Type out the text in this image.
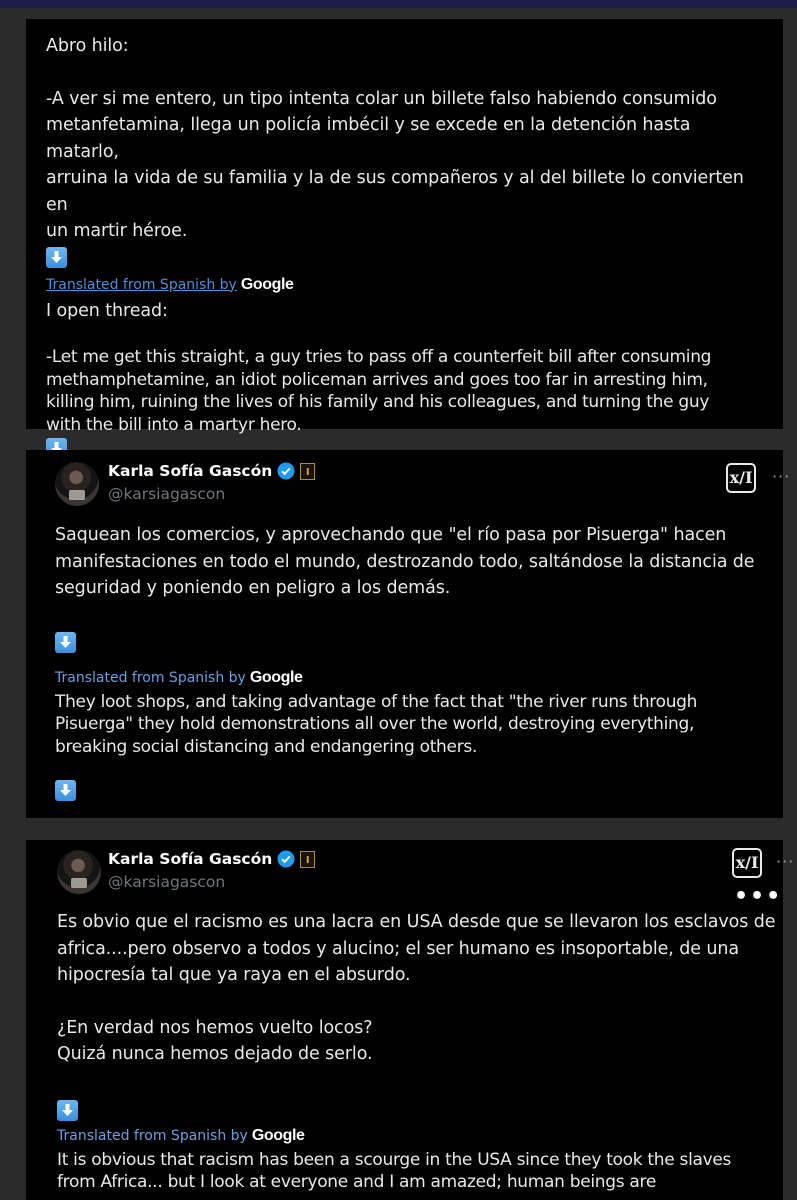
Abro hilo:

-A ver si me entero, un tipo intenta colar un billete falso habiendo consumido

metanfetamina, llega un policía imbécil y se excede en la detención hasta matarlo,

arruina la vida de su familia y la de sus compañeros y al del billete lo convierten en

un martir héroe.

Translated from Spanish by Google

I open thread:

-Let me get this straight, a guy tries to pass off a counterfeit bill after consuming

methamphetamine, an idiot policeman arrives and goes too far in arresting him,

killing him, ruining the lives of his family and his colleagues, and turning the guy

with the bill into a martyr hero.

Karla Sofía Gascón	I
@karsiagascon
x/I ···

Saquean los comercios, y aprovechando que "el río pasa por Pisuerga" hacen

manifestaciones en todo el mundo, destrozando todo, saltándose la distancia de

seguridad y poniendo en peligro a los demás.

Translated from Spanish by Google

They loot shops, and taking advantage of the fact that "the river runs through

Pisuerga" they hold demonstrations all over the world, destroying everything,

breaking social distancing and endangering others.

Karla Sofía Gascón	I
@karsiagascon
x/I ···
•••

Es obvio que el racismo es una lacra en USA desde que se llevaron los esclavos de

africa....pero observo a todos y alucino; el ser humano es insoportable, de una

hipocresía tal que ya raya en el absurdo.

¿En verdad nos hemos vuelto locos?

Quizá nunca hemos dejado de serlo.

Translated from Spanish by Google

It is obvious that racism has been a scourge in the USA since they took the slaves

from Africa... but I look at everyone and I am amazed; human beings are
